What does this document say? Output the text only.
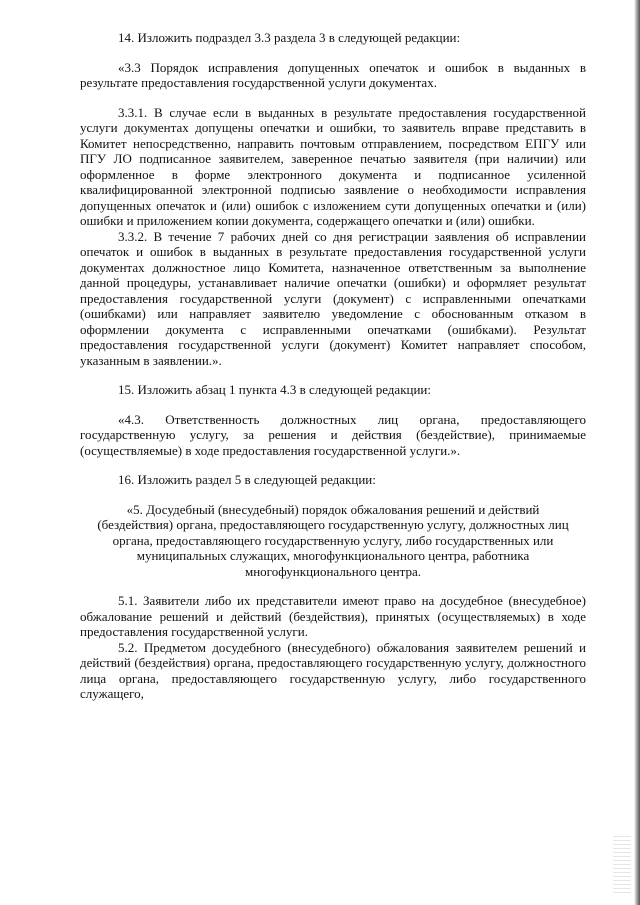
14. Изложить подраздел 3.3 раздела 3 в следующей редакции:

«3.3 Порядок исправления допущенных опечаток и ошибок в выданных в результате предоставления государственной услуги документах.

3.3.1. В случае если в выданных в результате предоставления государственной услуги документах допущены опечатки и ошибки, то заявитель вправе представить в Комитет непосредственно, направить почтовым отправлением, посредством ЕПГУ или ПГУ ЛО подписанное заявителем, заверенное печатью заявителя (при наличии) или оформленное в форме электронного документа и подписанное усиленной квалифицированной электронной подписью заявление о необходимости исправления допущенных опечаток и (или) ошибок с изложением сути допущенных опечатки и (или) ошибки и приложением копии документа, содержащего опечатки и (или) ошибки.

3.3.2. В течение 7 рабочих дней со дня регистрации заявления об исправлении опечаток и ошибок в выданных в результате предоставления государственной услуги документах должностное лицо Комитета, назначенное ответственным за выполнение данной процедуры, устанавливает наличие опечатки (ошибки) и оформляет результат предоставления государственной услуги (документ) с исправленными опечатками (ошибками) или направляет заявителю уведомление с обоснованным отказом в оформлении документа с исправленными опечатками (ошибками). Результат предоставления государственной услуги (документ) Комитет направляет способом, указанным в заявлении.».

15. Изложить абзац 1 пункта 4.3 в следующей редакции:

«4.3. Ответственность должностных лиц органа, предоставляющего государственную услугу, за решения и действия (бездействие), принимаемые (осуществляемые) в ходе предоставления государственной услуги.».

16. Изложить раздел 5 в следующей редакции:

«5. Досудебный (внесудебный) порядок обжалования решений и действий (бездействия) органа, предоставляющего государственную услугу, должностных лиц органа, предоставляющего государственную услугу, либо государственных или муниципальных служащих, многофункционального центра, работника многофункционального центра.

5.1. Заявители либо их представители имеют право на досудебное (внесудебное) обжалование решений и действий (бездействия), принятых (осуществляемых) в ходе предоставления государственной услуги.

5.2. Предметом досудебного (внесудебного) обжалования заявителем решений и действий (бездействия) органа, предоставляющего государственную услугу, должностного лица органа, предоставляющего государственную услугу, либо государственного служащего,
